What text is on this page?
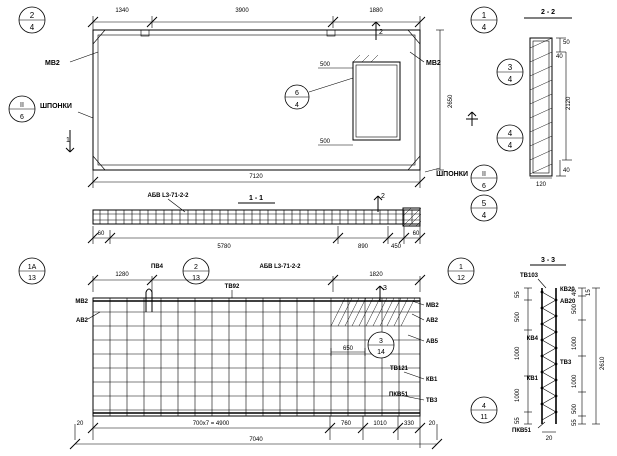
1340	3900	1880
500
500
6
4
2
4
1
4
МВ2	МВ2
II
6
ШПОНКИ
II
6
ШПОНКИ
1
2
2650
7120
2 - 2
50
2120
40
120
40
3
4
4
4
1 - 1
АБВ L3-71-2-2	2
5
4
60
5780	890	450
60
1A
13
2
13
1
12
АБВ L3-71-2-2
ПВ4
ТВ92
1280	1820
3
МВ2
АВ2
МВ2
АВ2
АВ5
КВ1
ТВ3
ТВ121
ПКВ51
650
3
14
4
11
700х7 = 4900	760	1010	330
20	20
7040
3 - 3
ТВ103
КВ20
АВ20
КВ4
ТВ3
КВ1
ПКВ51
55
500
1000
1000
55
40 15
500
1000
1000
500
55
2610
20
